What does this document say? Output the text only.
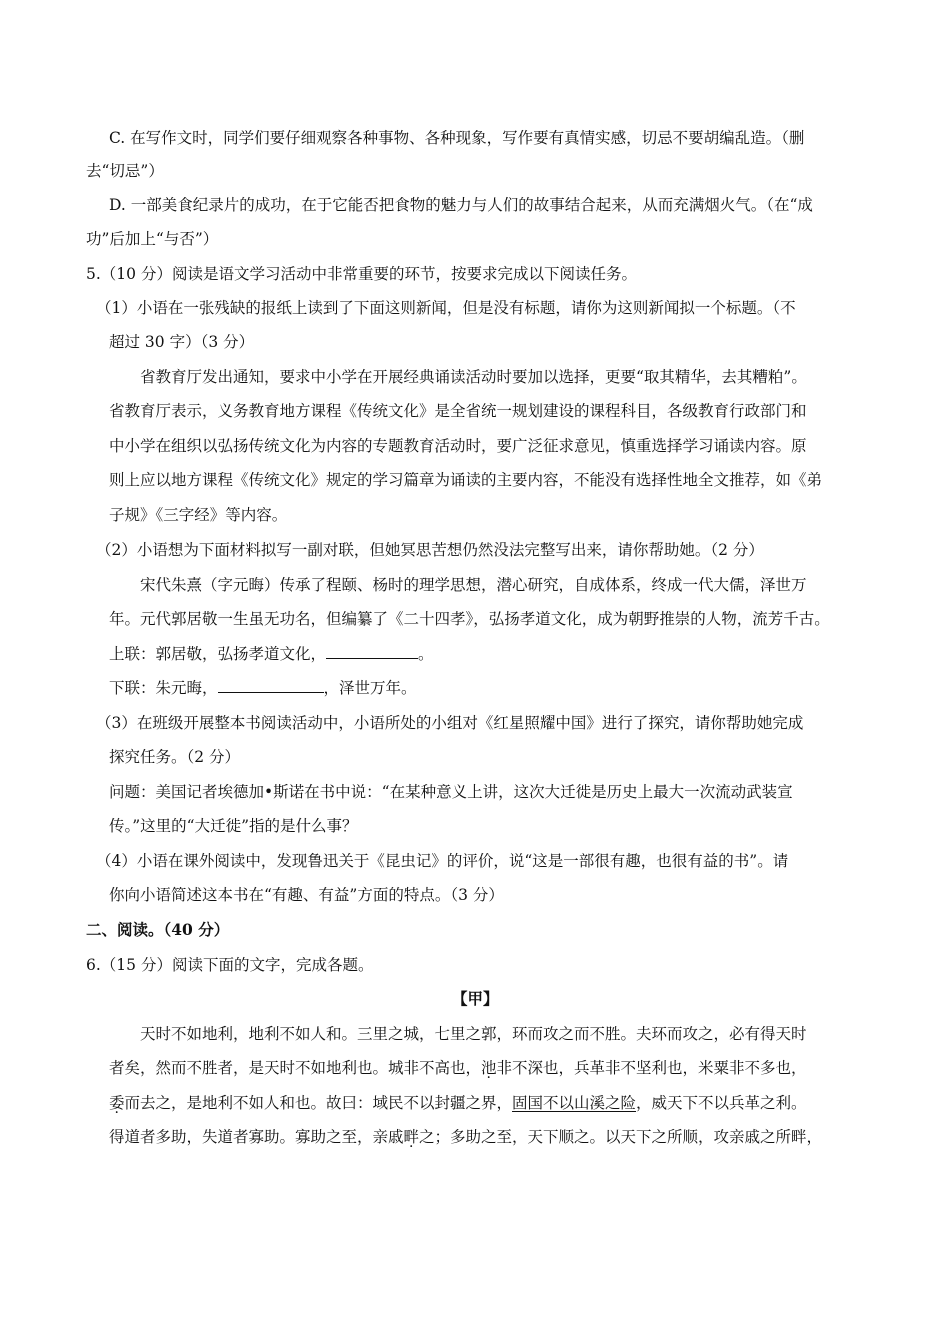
C. 在写作文时，同学们要仔细观察各种事物、各种现象，写作要有真情实感，切忌不要胡编乱造。（删
去“切忌”）
D. 一部美食纪录片的成功，在于它能否把食物的魅力与人们的故事结合起来，从而充满烟火气。（在“成
功”后加上“与否”）
5.（10 分）阅读是语文学习活动中非常重要的环节，按要求完成以下阅读任务。
（1）小语在一张残缺的报纸上读到了下面这则新闻，但是没有标题，请你为这则新闻拟一个标题。（不
超过 30 字）（3 分）
省教育厅发出通知，要求中小学在开展经典诵读活动时要加以选择，更要“取其精华，去其糟粕”。
省教育厅表示，义务教育地方课程《传统文化》是全省统一规划建设的课程科目，各级教育行政部门和
中小学在组织以弘扬传统文化为内容的专题教育活动时，要广泛征求意见，慎重选择学习诵读内容。原
则上应以地方课程《传统文化》规定的学习篇章为诵读的主要内容，不能没有选择性地全文推荐，如《弟
子规》《三字经》等内容。
（2）小语想为下面材料拟写一副对联，但她冥思苦想仍然没法完整写出来，请你帮助她。（2 分）
宋代朱熹（字元晦）传承了程颐、杨时的理学思想，潜心研究，自成体系，终成一代大儒，泽世万
年。元代郭居敬一生虽无功名，但编纂了《二十四孝》，弘扬孝道文化，成为朝野推崇的人物，流芳千古。
上联：郭居敬，弘扬孝道文化，	。
下联：朱元晦，	，泽世万年。
（3）在班级开展整本书阅读活动中，小语所处的小组对《红星照耀中国》进行了探究，请你帮助她完成
探究任务。（2 分）
问题：美国记者埃德加•斯诺在书中说：“在某种意义上讲，这次大迁徙是历史上最大一次流动武装宣
传。”这里的“大迁徙”指的是什么事？
（4）小语在课外阅读中，发现鲁迅关于《昆虫记》的评价，说“这是一部很有趣，也很有益的书”。请
你向小语简述这本书在“有趣、有益”方面的特点。（3 分）
二、阅读。（40 分）
6.（15 分）阅读下面的文字，完成各题。
【甲】
天时不如地利，地利不如人和。三里之城，七里之郭，环而攻之而不胜。夫环而攻之，必有得天时
者矣，然而不胜者，是天时不如地利也。城非不高也，池非不深也，兵革非不坚利也，米粟非不多也，
委而去之，是地利不如人和也。故曰：域民不以封疆之界，固国不以山溪之险，威天下不以兵革之利。
得道者多助，失道者寡助。寡助之至，亲戚畔之；多助之至，天下顺之。以天下之所顺，攻亲戚之所畔，
